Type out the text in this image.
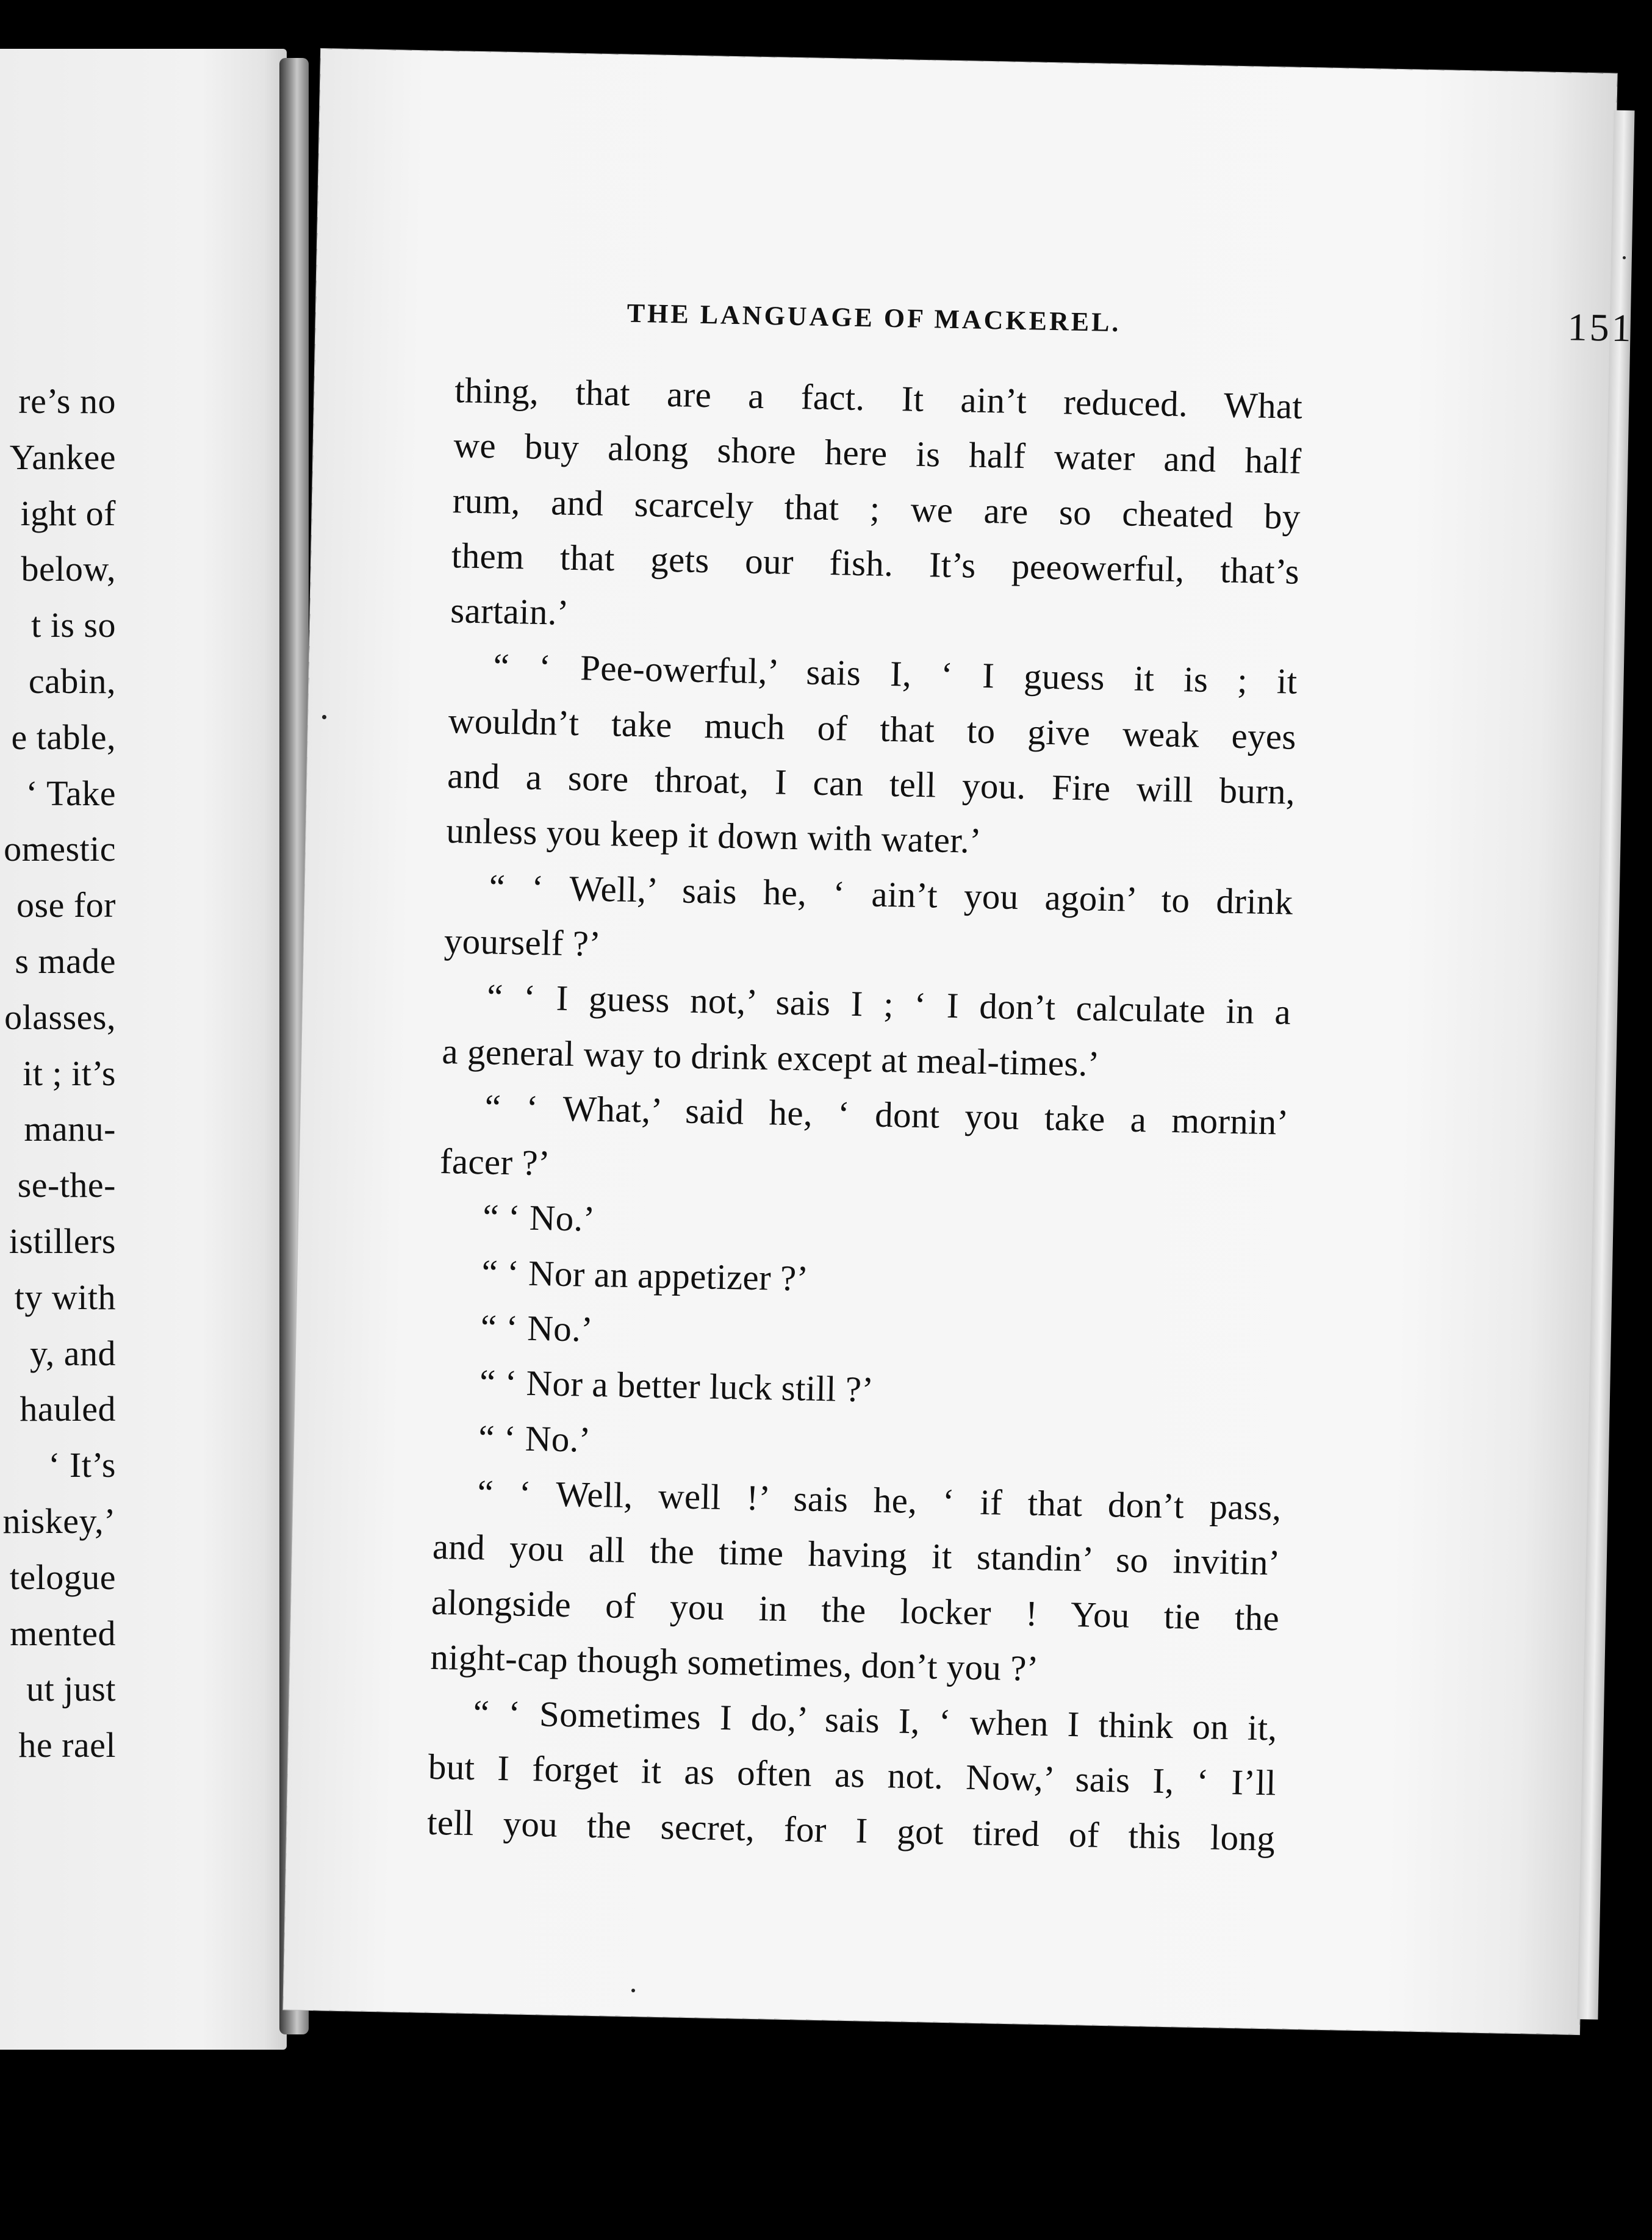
re’s no
Yankee
ight of
below,
t is so
cabin,
e table,
‘ Take
omestic
ose for
s made
olasses,
it ; it’s
manu-
se-the-
istillers
ty with
y, and
hauled
‘ It’s
niskey,’
telogue
mented
ut just
he rael
THE LANGUAGE OF MACKEREL.	151
thing, that are a fact. It ain’t reduced. What
we buy along shore here is half water and half
rum, and scarcely that ; we are so cheated by
them that gets our fish. It’s peeowerful, that’s
sartain.’
“ ‘ Pee-owerful,’ sais I, ‘ I guess it is ; it
wouldn’t take much of that to give weak eyes
and a sore throat, I can tell you. Fire will burn,
unless you keep it down with water.’
“ ‘ Well,’ sais he, ‘ ain’t you agoin’ to drink
yourself ?’
“ ‘ I guess not,’ sais I ; ‘ I don’t calculate in a
a general way to drink except at meal-times.’
“ ‘ What,’ said he, ‘ dont you take a mornin’
facer ?’
“ ‘ No.’
“ ‘ Nor an appetizer ?’
“ ‘ No.’
“ ‘ Nor a better luck still ?’
“ ‘ No.’
“ ‘ Well, well !’ sais he, ‘ if that don’t pass,
and you all the time having it standin’ so invitin’
alongside of you in the locker ! You tie the
night-cap though sometimes, don’t you ?’
“ ‘ Sometimes I do,’ sais I, ‘ when I think on it,
but I forget it as often as not. Now,’ sais I, ‘ I’ll
tell you the secret, for I got tired of this long
